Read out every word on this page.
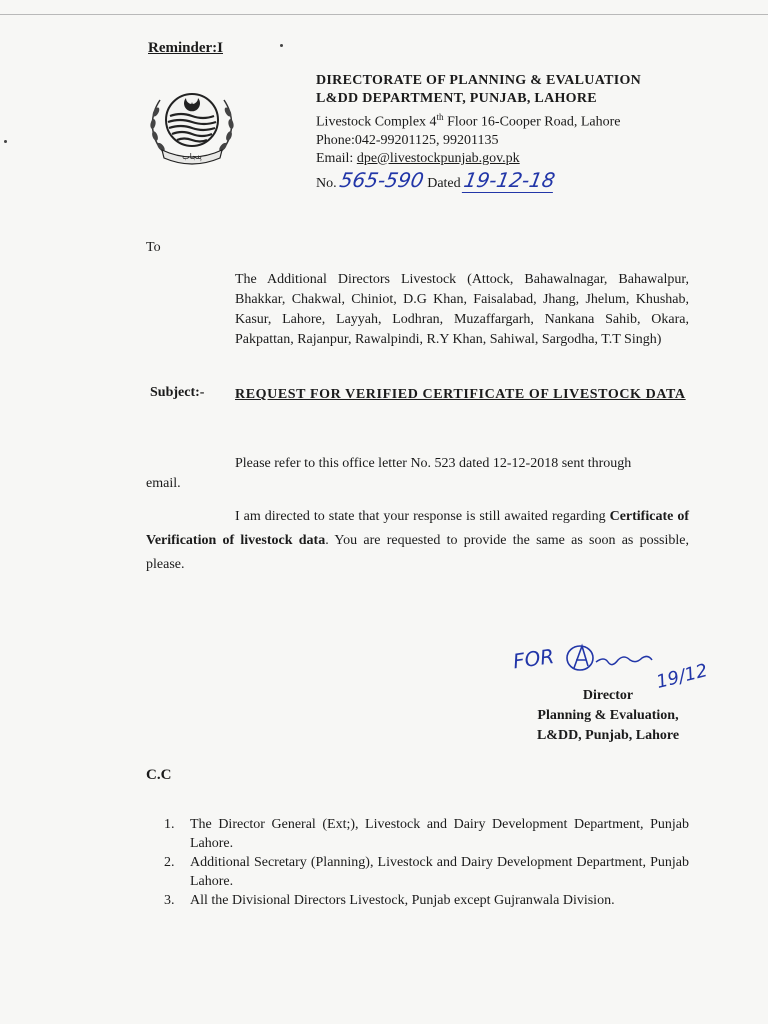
Reminder:I
پنجاب
DIRECTORATE OF PLANNING & EVALUATION
L&DD DEPARTMENT, PUNJAB, LAHORE
Livestock Complex 4th Floor 16-Cooper Road, Lahore
Phone:042-99201125, 99201135
Email: dpe@livestockpunjab.gov.pk
No. 565-590 Dated 19-12-18
To
The Additional Directors Livestock (Attock, Bahawalnagar, Bahawalpur, Bhakkar, Chakwal, Chiniot, D.G Khan, Faisalabad, Jhang, Jhelum, Khushab, Kasur, Lahore, Layyah, Lodhran, Muzaffargarh, Nankana Sahib, Okara, Pakpattan, Rajanpur, Rawalpindi, R.Y Khan, Sahiwal, Sargodha, T.T Singh)
Subject:- REQUEST FOR VERIFIED CERTIFICATE OF LIVESTOCK DATA
Please refer to this office letter No. 523 dated 12-12-2018 sent through
email.
I am directed to state that your response is still awaited regarding Certificate of Verification of livestock data. You are requested to provide the same as soon as possible, please.
FOR
19/12
Director
Planning & Evaluation,
L&DD, Punjab, Lahore
C.C
1.	The Director General (Ext;), Livestock and Dairy Development Department, Punjab Lahore.
2.	Additional Secretary (Planning), Livestock and Dairy Development Department, Punjab Lahore.
3.	All the Divisional Directors Livestock, Punjab except Gujranwala Division.
